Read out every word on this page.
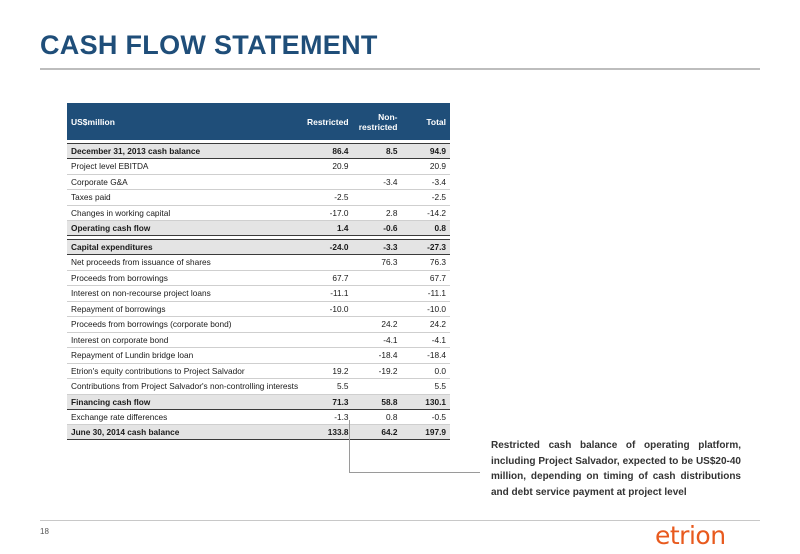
CASH FLOW STATEMENT
US$million	Restricted	Non-restricted	Total

December 31, 2013 cash balance	86.4	8.5	94.9
Project level EBITDA	20.9		20.9
Corporate G&A		-3.4	-3.4
Taxes paid	-2.5		-2.5
Changes in working capital	-17.0	2.8	-14.2
Operating cash flow	1.4	-0.6	0.8

Capital expenditures	-24.0	-3.3	-27.3
Net proceeds from issuance of shares		76.3	76.3
Proceeds from borrowings	67.7		67.7
Interest on non-recourse project loans	-11.1		-11.1
Repayment of borrowings	-10.0		-10.0
Proceeds from borrowings (corporate bond)		24.2	24.2
Interest on corporate bond		-4.1	-4.1
Repayment of Lundin bridge loan		-18.4	-18.4
Etrion's equity contributions to Project Salvador	19.2	-19.2	0.0
Contributions from Project Salvador's non-controlling interests	5.5		5.5
Financing cash flow	71.3	58.8	130.1
Exchange rate differences	-1.3	0.8	-0.5
June 30, 2014 cash balance	133.8	64.2	197.9
Restricted cash balance of operating platform, including Project Salvador, expected to be US$20-40 million, depending on timing of cash distributions and debt service payment at project level
18	etrion
